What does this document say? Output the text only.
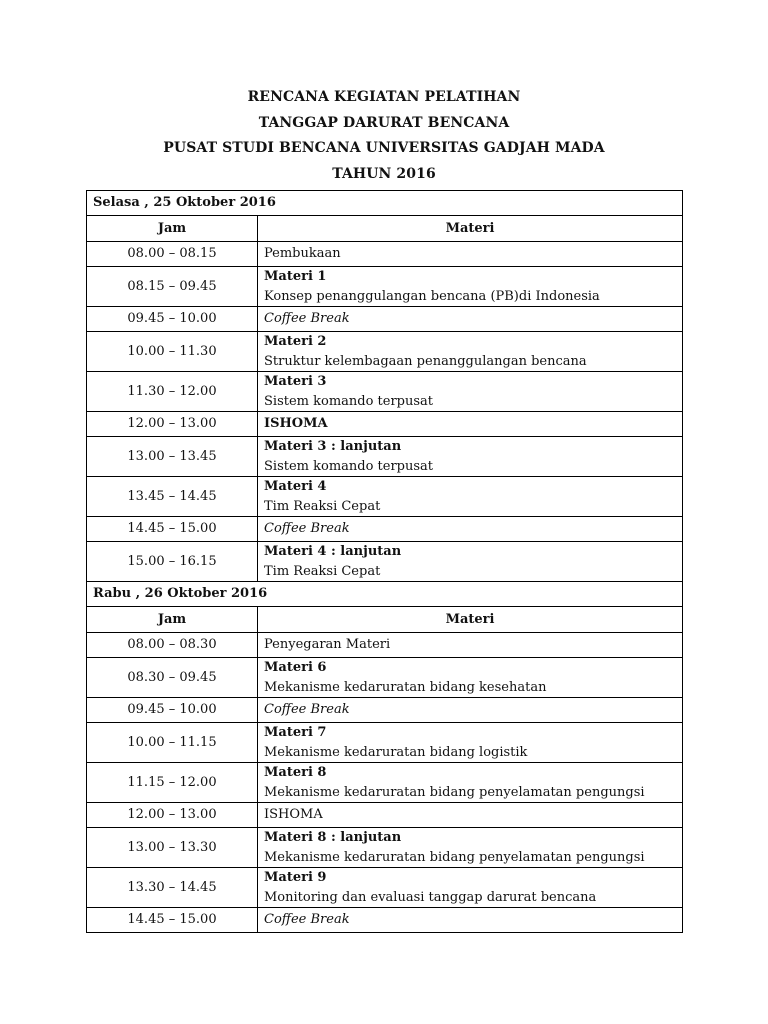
RENCANA KEGIATAN PELATIHAN
TANGGAP DARURAT BENCANA
PUSAT STUDI BENCANA UNIVERSITAS GADJAH MADA
TAHUN 2016
Selasa , 25 Oktober 2016	
Jam	Materi
08.00 – 08.15	Pembukaan
08.15 – 09.45	Materi 1
Konsep penanggulangan bencana (PB)di Indonesia

09.45 – 10.00	Coffee Break
10.00 – 11.30	Materi 2
Struktur kelembagaan penanggulangan bencana

11.30 – 12.00	Materi 3
Sistem komando terpusat

12.00 – 13.00	ISHOMA
13.00 – 13.45	Materi 3 : lanjutan
Sistem komando terpusat

13.45 – 14.45	Materi 4
Tim Reaksi Cepat

14.45 – 15.00	Coffee Break
15.00 – 16.15	Materi 4 : lanjutan
Tim Reaksi Cepat

Rabu , 26 Oktober 2016	
Jam	Materi
08.00 – 08.30	Penyegaran Materi
08.30 – 09.45	Materi 6
Mekanisme kedaruratan bidang kesehatan

09.45 – 10.00	Coffee Break
10.00 – 11.15	Materi 7
Mekanisme kedaruratan bidang logistik

11.15 – 12.00	Materi 8
Mekanisme kedaruratan bidang penyelamatan pengungsi

12.00 – 13.00	ISHOMA
13.00 – 13.30	Materi 8 : lanjutan
Mekanisme kedaruratan bidang penyelamatan pengungsi

13.30 – 14.45	Materi 9
Monitoring dan evaluasi tanggap darurat bencana

14.45 – 15.00	Coffee Break
